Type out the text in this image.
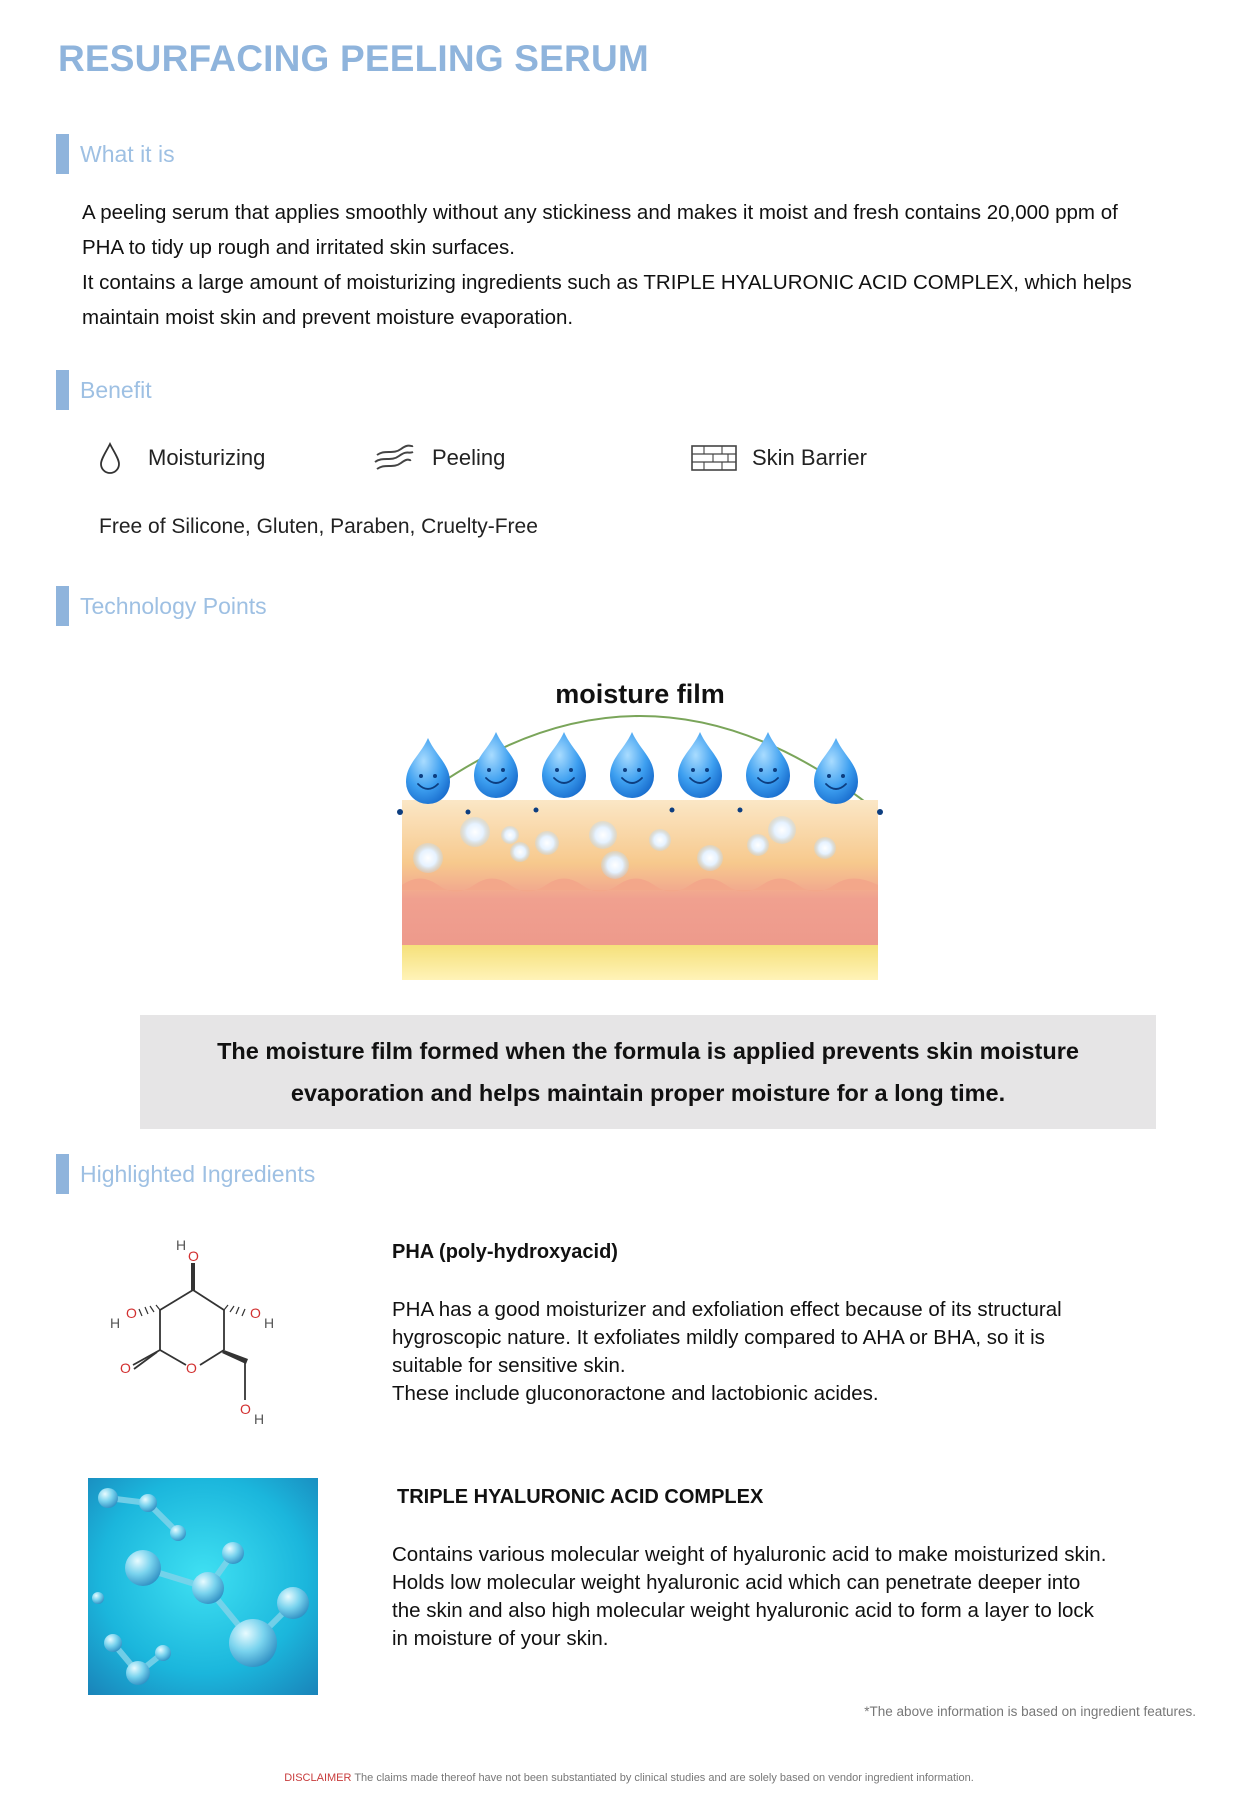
RESURFACING PEELING SERUM
What it is

A peeling serum that applies smoothly without any stickiness and makes it moist and fresh contains 20,000 ppm of

PHA to tidy up rough and irritated skin surfaces.

It contains a large amount of moisturizing ingredients such as TRIPLE HYALURONIC ACID COMPLEX, which helps

maintain moist skin and prevent moisture evaporation.

Benefit
Moisturizing	Peeling	Skin Barrier
Free of Silicone, Gluten, Paraben, Cruelty-Free
Technology Points
moisture film
The moisture film formed when the formula is applied prevents skin moisture
evaporation and helps maintain proper moisture for a long time.
Highlighted Ingredients
O
H
O
H
O
H
O
O
O
H
PHA (poly-hydroxyacid)

PHA has a good moisturizer and exfoliation effect because of its structural

hygroscopic nature. It exfoliates mildly compared to AHA or BHA, so it is

suitable for sensitive skin.

These include gluconoractone and lactobionic acides.

TRIPLE HYALURONIC ACID COMPLEX

Contains various molecular weight of hyaluronic acid to make moisturized skin.

Holds low molecular weight hyaluronic acid which can penetrate deeper into

the skin and also high molecular weight hyaluronic acid to form a layer to lock

in moisture of your skin.

*The above information is based on ingredient features.
DISCLAIMER The claims made thereof have not been substantiated by clinical studies and are solely based on vendor ingredient information.
